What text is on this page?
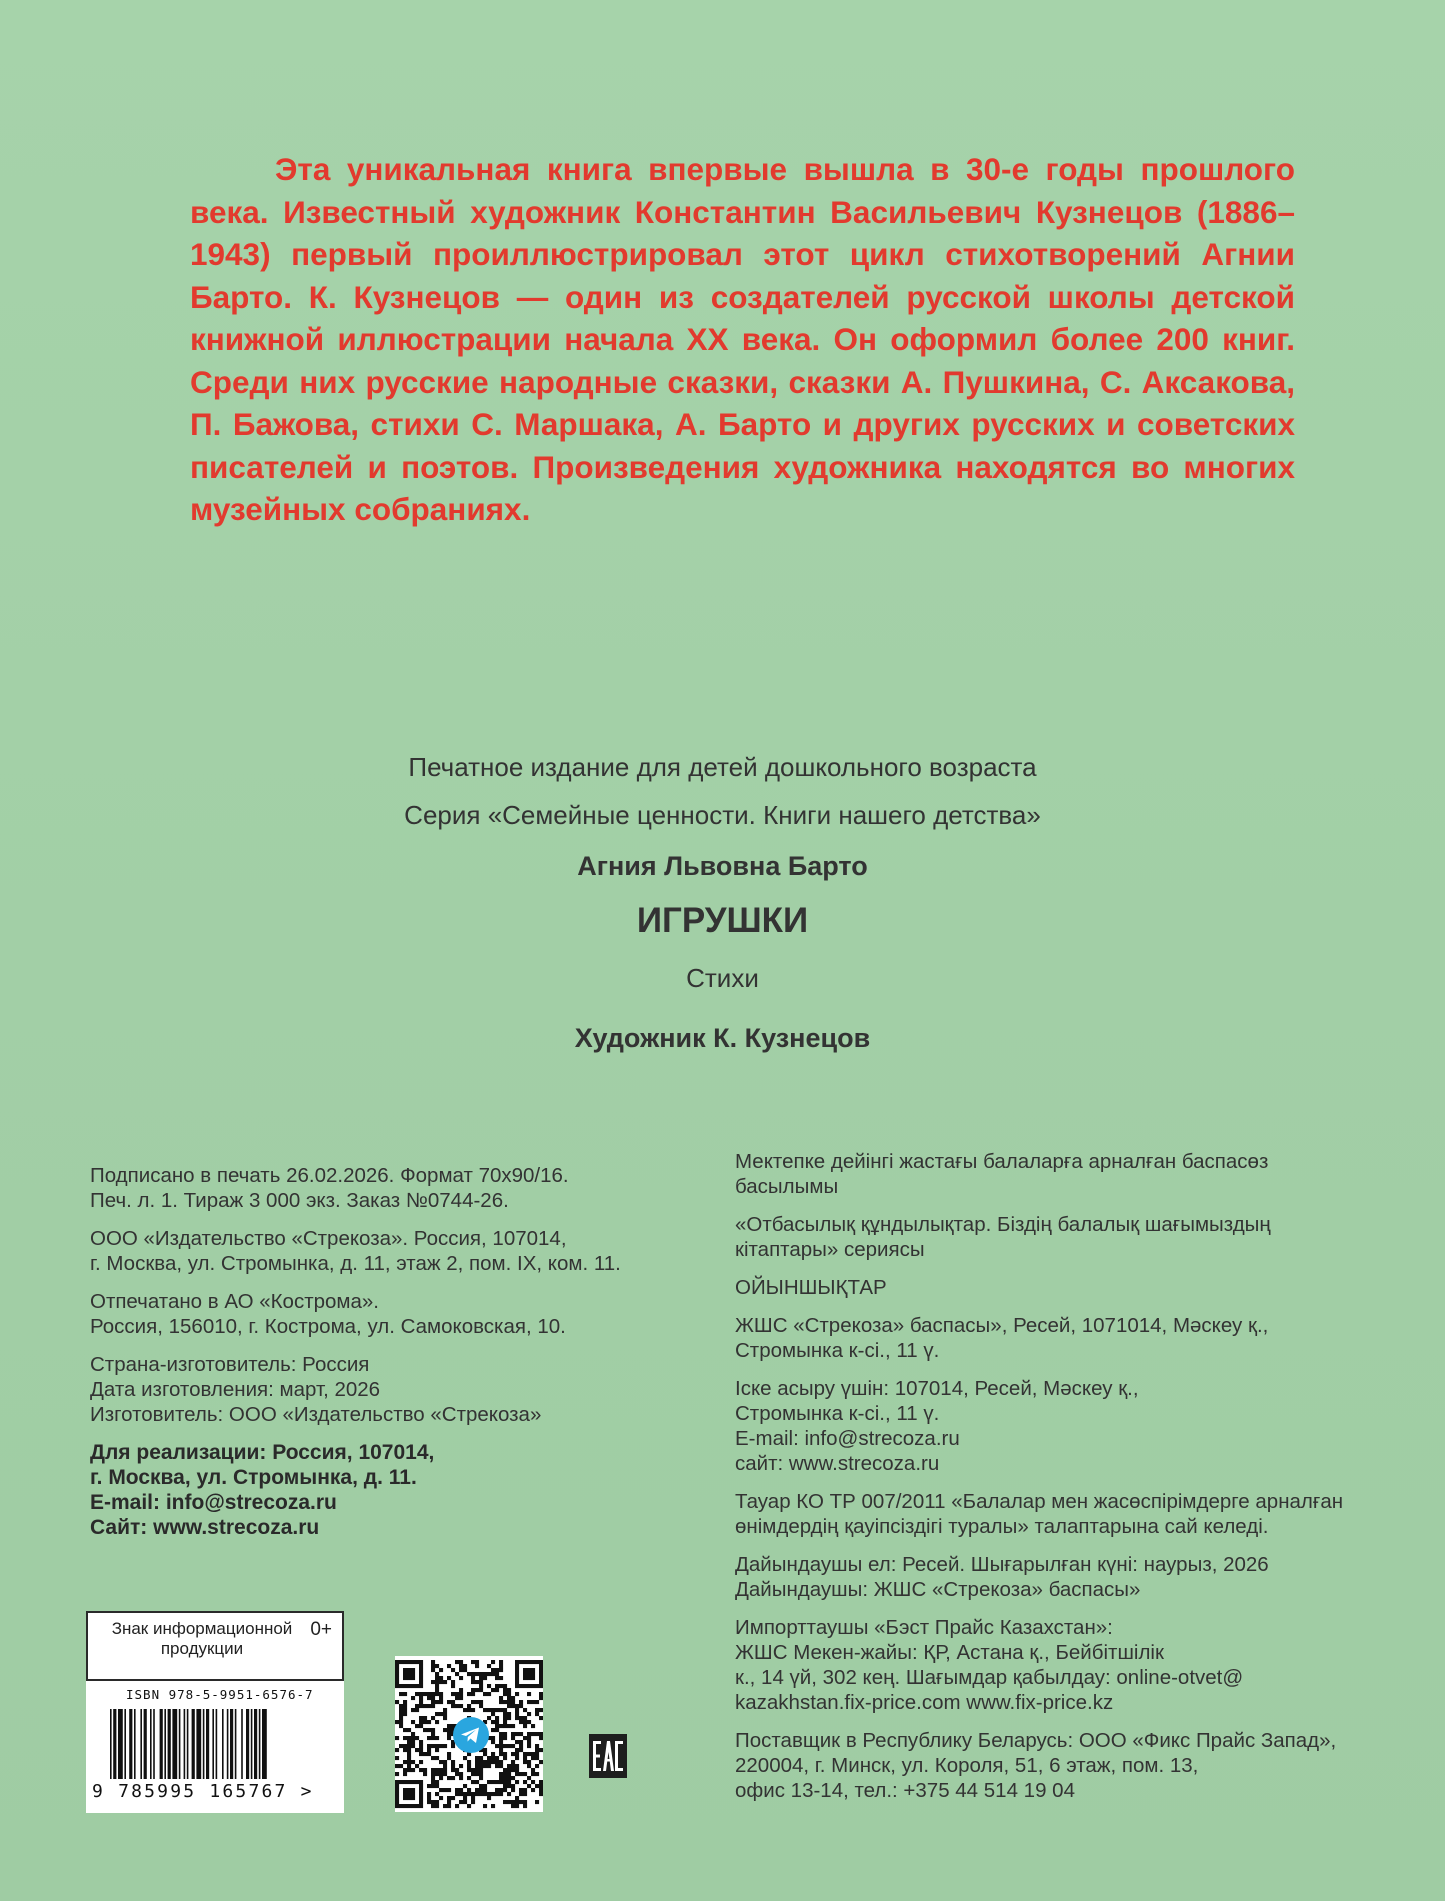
Эта уникальная книга впервые вышла в 30-е годы прошлого века. Известный художник Константин Васильевич Кузнецов (1886–1943) первый проиллюстрировал этот цикл стихотворений Агнии Барто. К. Кузнецов — один из создателей русской школы детской книжной иллюстрации начала XX века. Он оформил более 200 книг. Среди них русские народные сказки, сказки А. Пушкина, С. Аксакова, П. Бажова, стихи С. Маршака, А. Барто и других русских и советских писателей и поэтов. Произведения художника находятся во многих музейных собраниях.
Печатное издание для детей дошкольного возраста
Серия «Семейные ценности. Книги нашего детства»
Агния Львовна Барто
ИГРУШКИ
Стихи
Художник К. Кузнецов

Подписано в печать 26.02.2026. Формат 70х90/16.
Печ. л. 1. Тираж 3 000 экз. Заказ №0744-26.

ООО «Издательство «Стрекоза». Россия, 107014,
г. Москва, ул. Стромынка, д. 11, этаж 2, пом. IX, ком. 11.

Отпечатано в АО «Кострома».
Россия, 156010, г. Кострома, ул. Самоковская, 10.

Страна-изготовитель: Россия
Дата изготовления: март, 2026
Изготовитель: ООО «Издательство «Стрекоза»

Для реализации: Россия, 107014,
г. Москва, ул. Стромынка, д. 11.
E-mail: info@strecoza.ru
Сайт: www.strecoza.ru

Мектепке дейінгі жастағы балаларға арналған баспасөз басылымы

«Отбасылық құндылықтар. Біздің балалық шағымыздың кітаптары» сериясы

ОЙЫНШЫҚТАР

ЖШС «Стрекоза» баспасы», Ресей, 1071014, Мәскеу қ., Стромынка к-сі., 11 ү.

Іске асыру үшін: 107014, Ресей, Мәскеу қ.,
Стромынка к-сі., 11 ү.
E-mail: info@strecoza.ru
сайт: www.strecoza.ru

Тауар КО ТР 007/2011 «Балалар мен жасөспірімдерге арналған өнімдердің қауіпсіздігі туралы» талаптарына сай келеді.

Дайындаушы ел: Ресей. Шығарылған күні: наурыз, 2026
Дайындаушы: ЖШС «Стрекоза» баспасы»

Импорттаушы «Бэст Прайс Казахстан»:
ЖШС Мекен-жайы: ҚР, Астана қ., Бейбітшілік
к., 14 үй, 302 кең. Шағымдар қабылдау: online-otvet@
kazakhstan.fix-price.com www.fix-price.kz

Поставщик в Республику Беларусь: ООО «Фикс Прайс Запад»,
220004, г. Минск, ул. Короля, 51, 6 этаж, пом. 13,
офис 13-14, тел.: +375 44 514 19 04

Знак информационной
продукции
0+
ISBN 978-5-9951-6576-7
9 785995 165767 >
